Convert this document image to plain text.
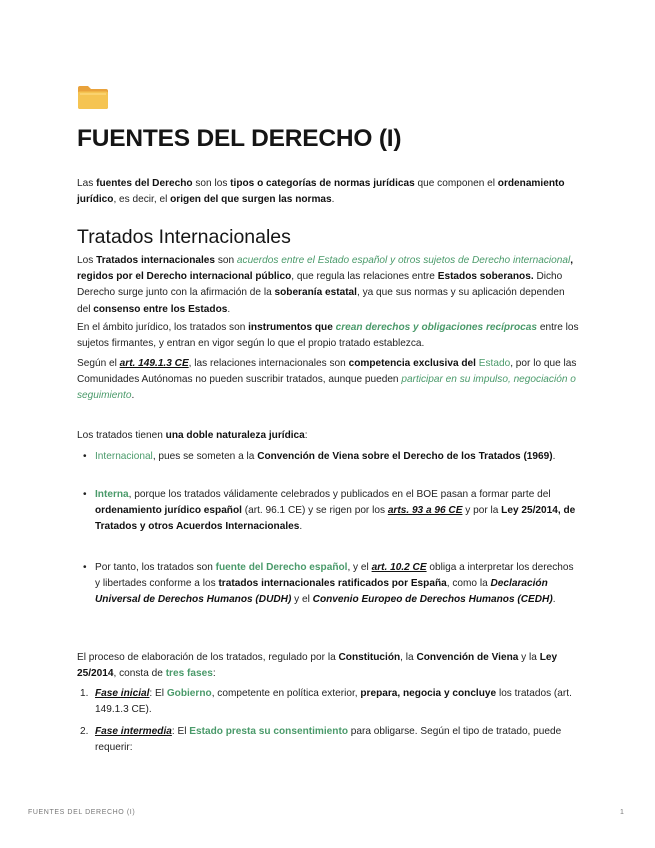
FUENTES DEL DERECHO (I)
Las fuentes del Derecho son los tipos o categorías de normas jurídicas que componen el ordenamiento jurídico, es decir, el origen del que surgen las normas.
Tratados Internacionales
Los Tratados internacionales son acuerdos entre el Estado español y otros sujetos de Derecho internacional, regidos por el Derecho internacional público, que regula las relaciones entre Estados soberanos. Dicho Derecho surge junto con la afirmación de la soberanía estatal, ya que sus normas y su aplicación dependen del consenso entre los Estados.
En el ámbito jurídico, los tratados son instrumentos que crean derechos y obligaciones recíprocas entre los sujetos firmantes, y entran en vigor según lo que el propio tratado establezca.
Según el art. 149.1.3 CE, las relaciones internacionales son competencia exclusiva del Estado, por lo que las Comunidades Autónomas no pueden suscribir tratados, aunque pueden participar en su impulso, negociación o seguimiento.
Los tratados tienen una doble naturaleza jurídica:
• Internacional, pues se someten a la Convención de Viena sobre el Derecho de los Tratados (1969).
• Interna, porque los tratados válidamente celebrados y publicados en el BOE pasan a formar parte del ordenamiento jurídico español (art. 96.1 CE) y se rigen por los arts. 93 a 96 CE y por la Ley 25/2014, de Tratados y otros Acuerdos Internacionales.
• Por tanto, los tratados son fuente del Derecho español, y el art. 10.2 CE obliga a interpretar los derechos y libertades conforme a los tratados internacionales ratificados por España, como la Declaración Universal de Derechos Humanos (DUDH) y el Convenio Europeo de Derechos Humanos (CEDH).
El proceso de elaboración de los tratados, regulado por la Constitución, la Convención de Viena y la Ley 25/2014, consta de tres fases:
1. Fase inicial: El Gobierno, competente en política exterior, prepara, negocia y concluye los tratados (art. 149.1.3 CE).
2. Fase intermedia: El Estado presta su consentimiento para obligarse. Según el tipo de tratado, puede requerir:
FUENTES DEL DERECHO (I)	1
